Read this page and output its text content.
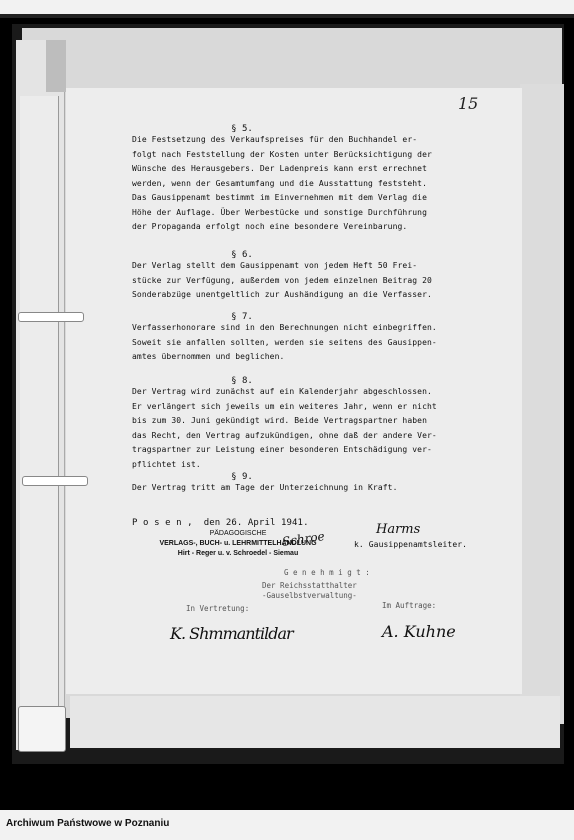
15
§ 5.
Die Festsetzung des Verkaufspreises für den Buchhandel er-
folgt nach Feststellung der Kosten unter Berücksichtigung der
Wünsche des Herausgebers. Der Ladenpreis kann erst errechnet
werden, wenn der Gesamtumfang und die Ausstattung feststeht.
Das Gausippenamt bestimmt im Einvernehmen mit dem Verlag die
Höhe der Auflage. Über Werbestücke und sonstige Durchführung
der Propaganda erfolgt noch eine besondere Vereinbarung.
§ 6.
Der Verlag stellt dem Gausippenamt von jedem Heft 50 Frei-
stücke zur Verfügung, außerdem von jedem einzelnen Beitrag 20
Sonderabzüge unentgeltlich zur Aushändigung an die Verfasser.
§ 7.
Verfasserhonorare sind in den Berechnungen nicht einbegriffen.
Soweit sie anfallen sollten, werden sie seitens des Gausippen-
amtes übernommen und beglichen.
§ 8.
Der Vertrag wird zunächst auf ein Kalenderjahr abgeschlossen.
Er verlängert sich jeweils um ein weiteres Jahr, wenn er nicht
bis zum 30. Juni gekündigt wird. Beide Vertragspartner haben
das Recht, den Vertrag aufzukündigen, ohne daß der andere Ver-
tragspartner zur Leistung einer besonderen Entschädigung ver-
pflichtet ist.
§ 9.
Der Vertrag tritt am Tage der Unterzeichnung in Kraft.
P o s e n ,  den 26. April 1941.
PÄDAGOGISCHE
VERLAGS-, BUCH- u. LEHRMITTELHANDLUNG
Hirt - Reger u. v. Schroedel - Siemau
Harms
Schroe	k. Gausippenamtsleiter.
G e n e h m i g t :
Der Reichsstatthalter
-Gauselbstverwaltung-
In Vertretung:	Im Auftrage:
K. Shmmantildar	A. Kuhne
Archiwum Państwowe w Poznaniu
